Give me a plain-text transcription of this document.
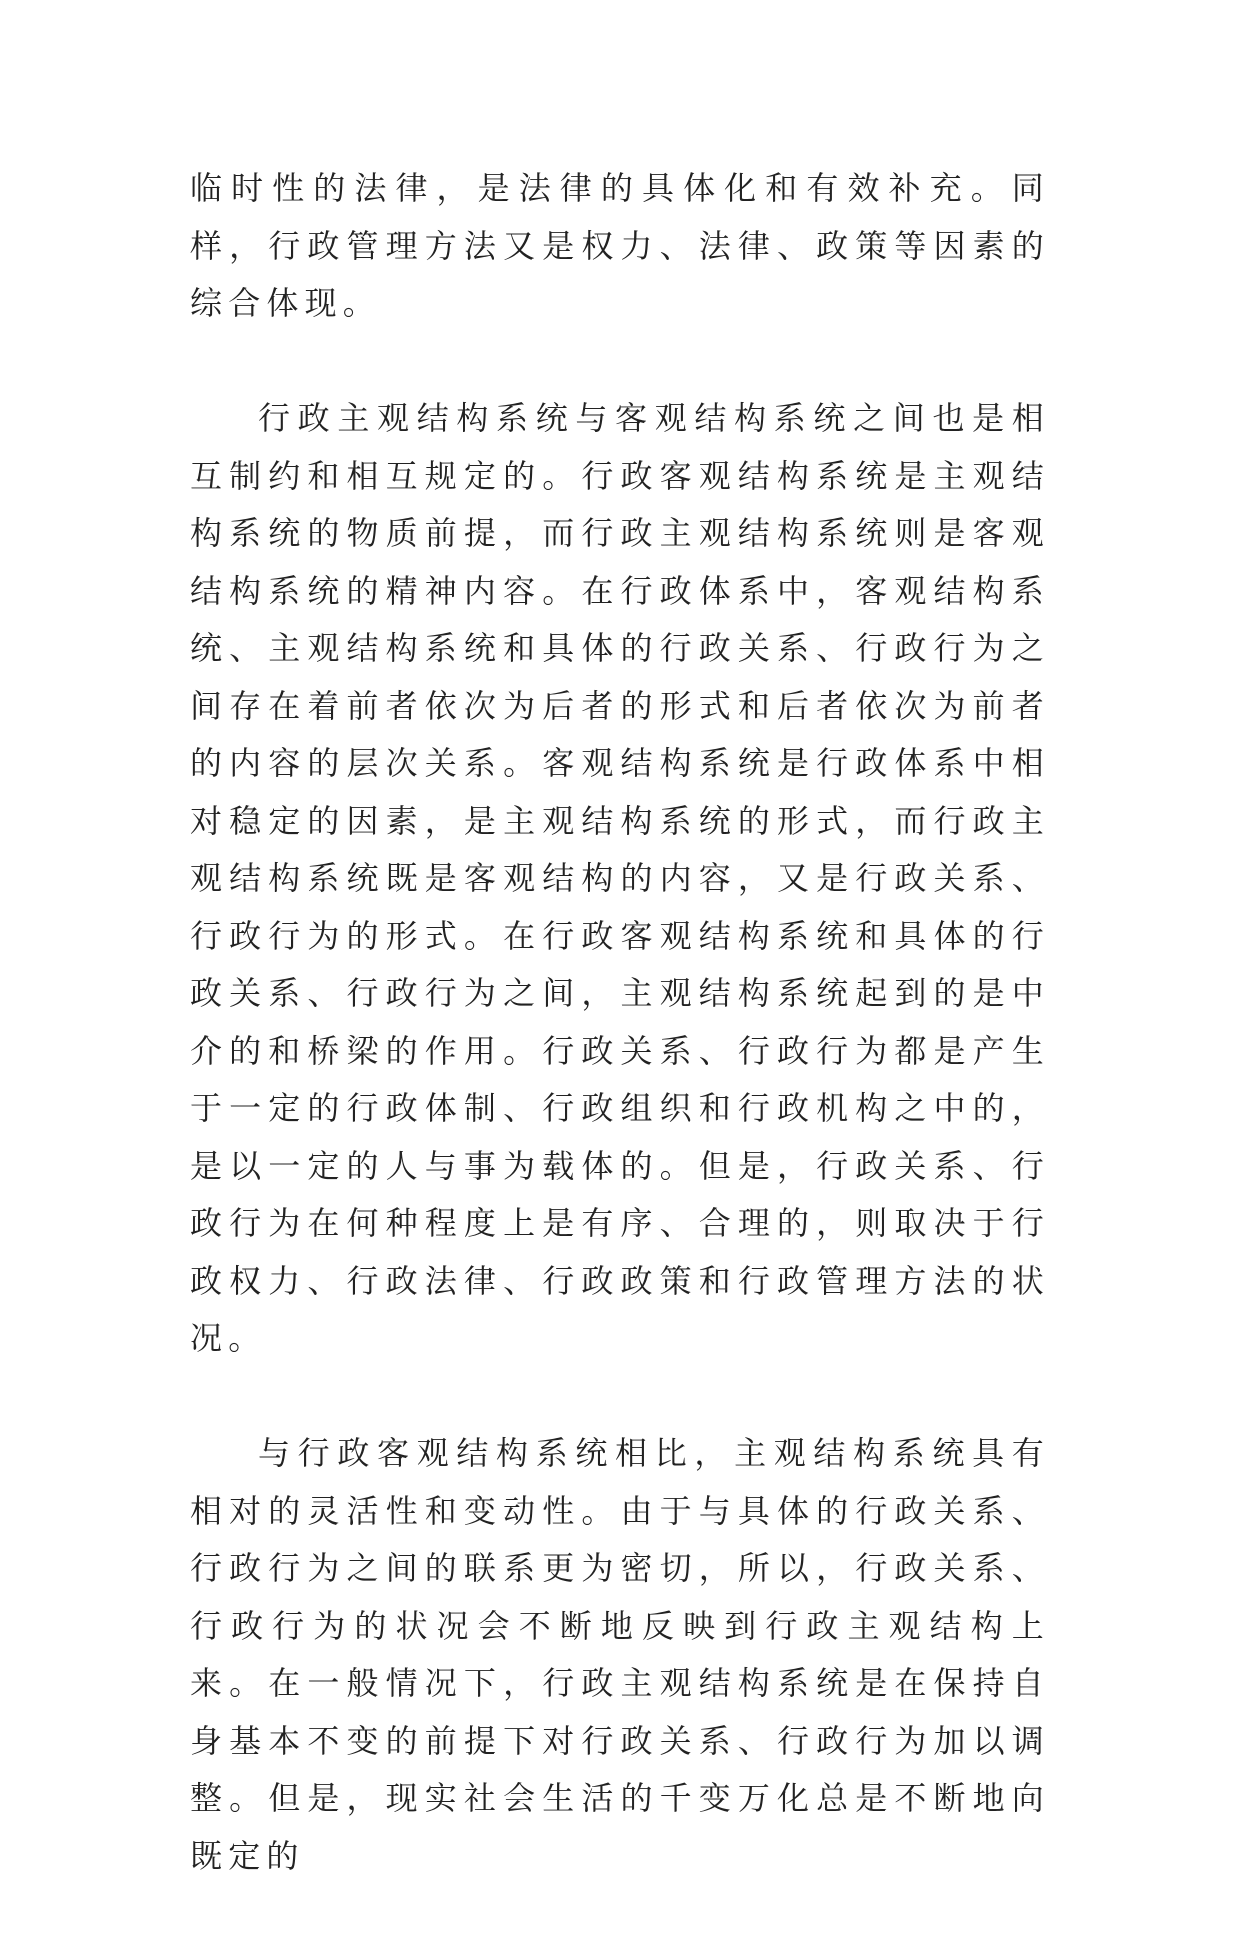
临时性的法律，是法律的具体化和有效补充。同样，行政管理方法又是权力、法律、政策等因素的综合体现。

行政主观结构系统与客观结构系统之间也是相互制约和相互规定的。行政客观结构系统是主观结构系统的物质前提，而行政主观结构系统则是客观结构系统的精神内容。在行政体系中，客观结构系统、主观结构系统和具体的行政关系、行政行为之间存在着前者依次为后者的形式和后者依次为前者的内容的层次关系。客观结构系统是行政体系中相对稳定的因素，是主观结构系统的形式，而行政主观结构系统既是客观结构的内容，又是行政关系、行政行为的形式。在行政客观结构系统和具体的行政关系、行政行为之间，主观结构系统起到的是中介的和桥梁的作用。行政关系、行政行为都是产生于一定的行政体制、行政组织和行政机构之中的，是以一定的人与事为载体的。但是，行政关系、行政行为在何种程度上是有序、合理的，则取决于行政权力、行政法律、行政政策和行政管理方法的状况。

与行政客观结构系统相比，主观结构系统具有相对的灵活性和变动性。由于与具体的行政关系、行政行为之间的联系更为密切，所以，行政关系、行政行为的状况会不断地反映到行政主观结构上来。在一般情况下，行政主观结构系统是在保持自身基本不变的前提下对行政关系、行政行为加以调整。但是，现实社会生活的千变万化总是不断地向既定的
